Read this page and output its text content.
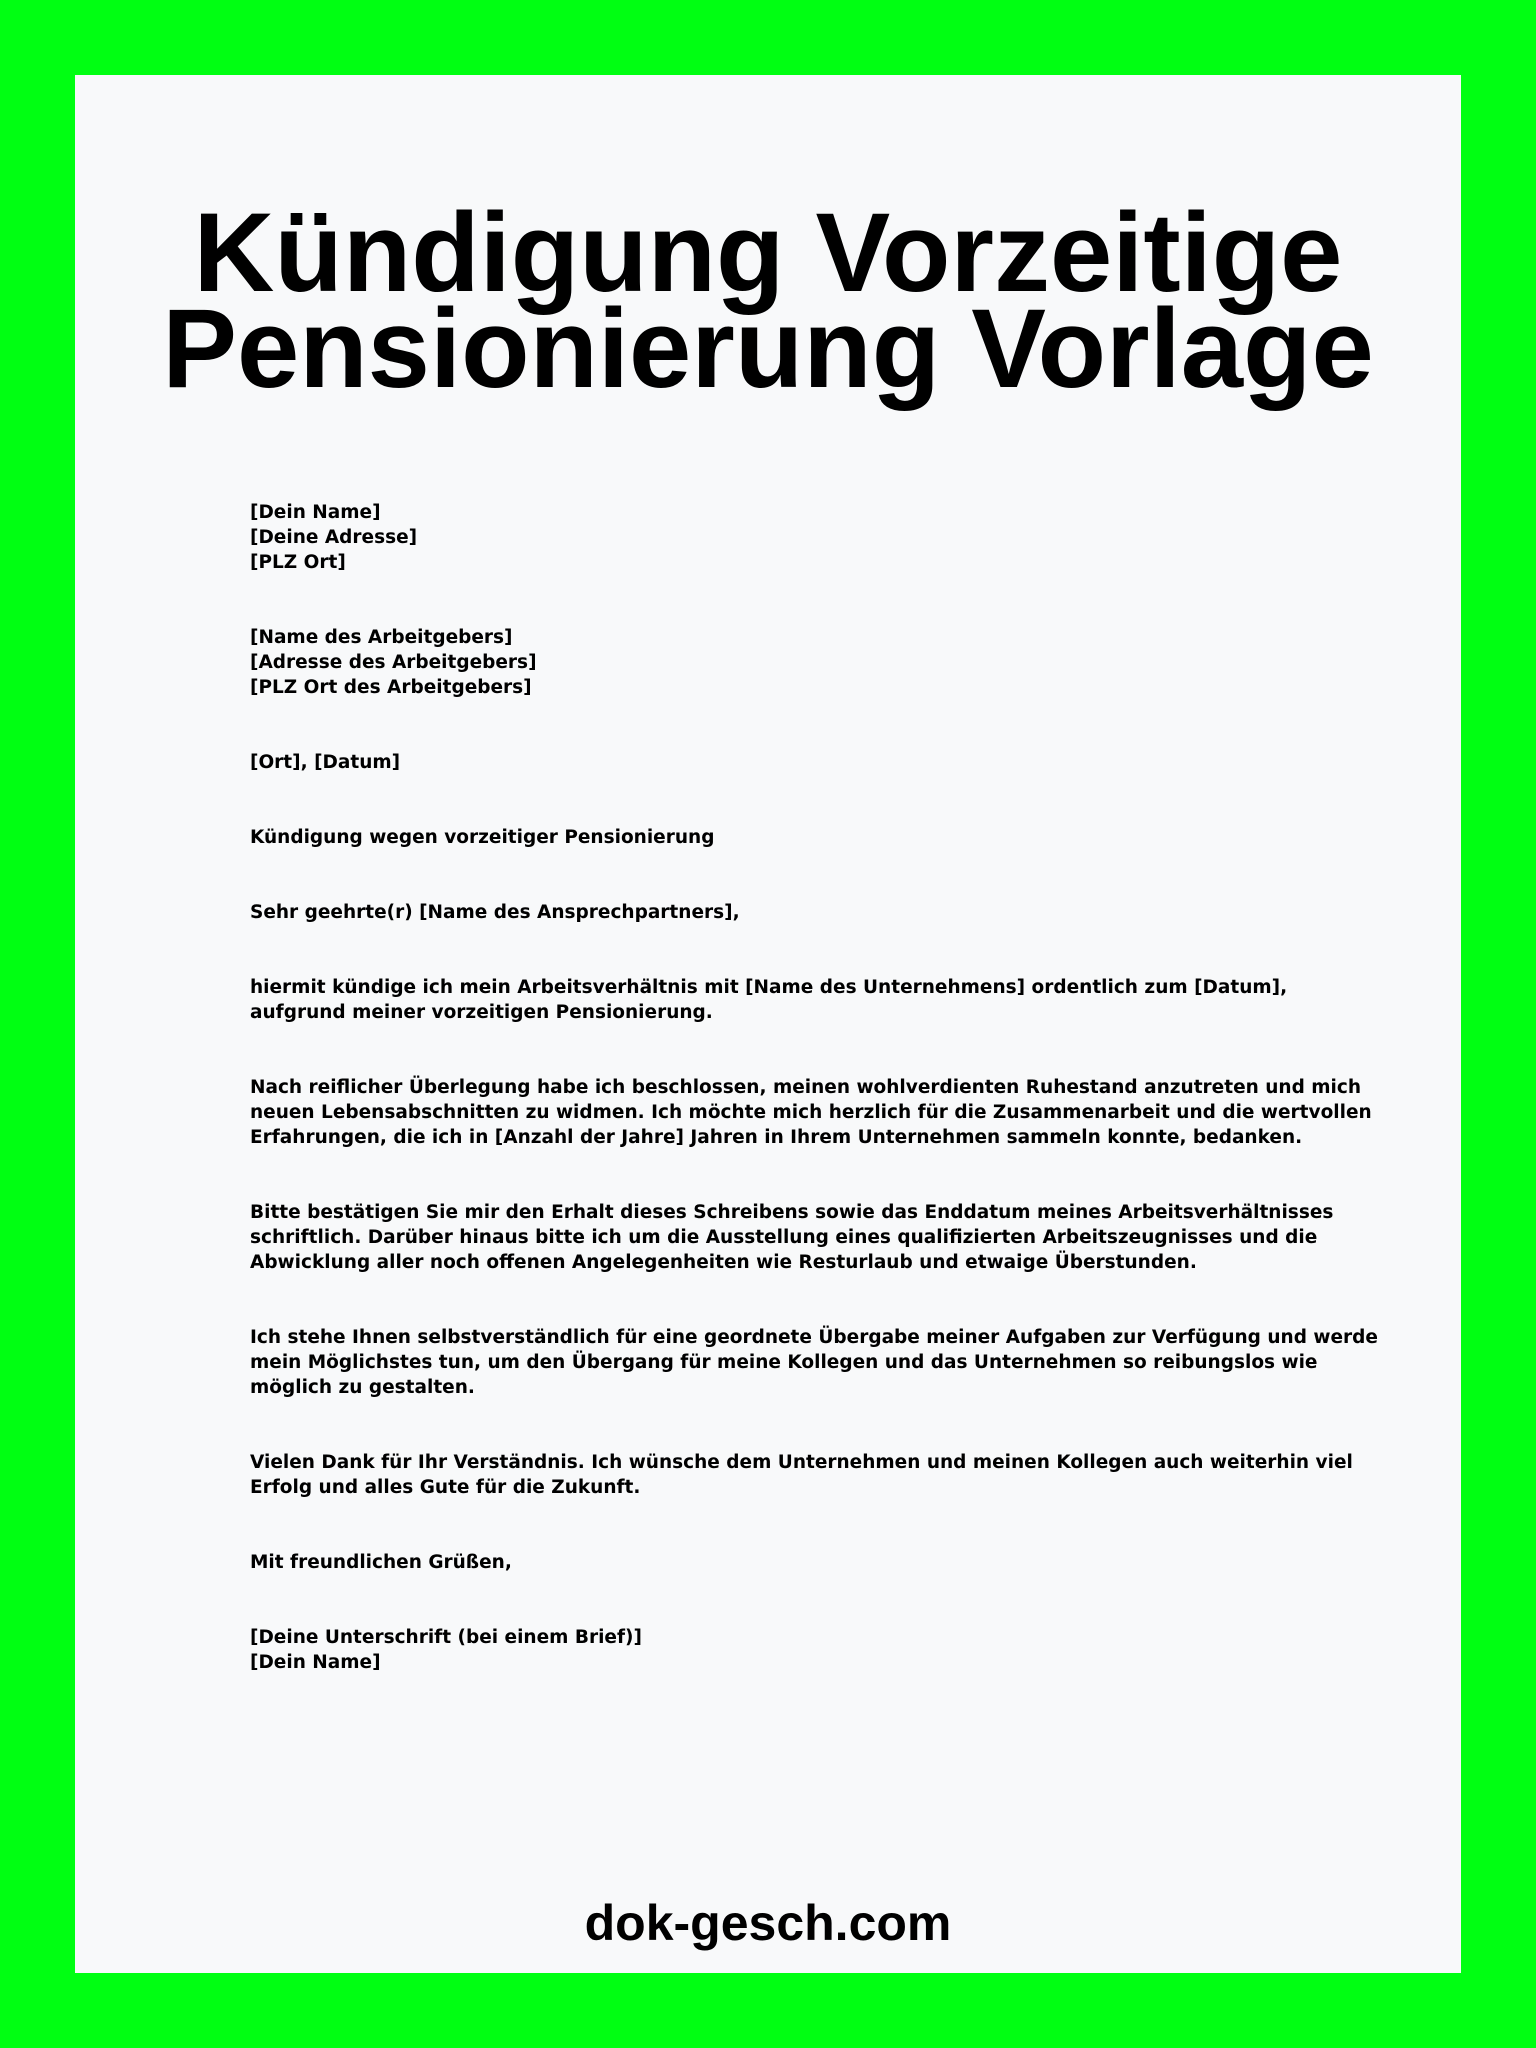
Kündigung Vorzeitige Pensionierung Vorlage
[Dein Name]
[Deine Adresse]
[PLZ Ort]
[Name des Arbeitgebers]
[Adresse des Arbeitgebers]
[PLZ Ort des Arbeitgebers]
[Ort], [Datum]
Kündigung wegen vorzeitiger Pensionierung
Sehr geehrte(r) [Name des Ansprechpartners],
hiermit kündige ich mein Arbeitsverhältnis mit [Name des Unternehmens] ordentlich zum [Datum],
aufgrund meiner vorzeitigen Pensionierung.
Nach reiflicher Überlegung habe ich beschlossen, meinen wohlverdienten Ruhestand anzutreten und mich
neuen Lebensabschnitten zu widmen. Ich möchte mich herzlich für die Zusammenarbeit und die wertvollen
Erfahrungen, die ich in [Anzahl der Jahre] Jahren in Ihrem Unternehmen sammeln konnte, bedanken.
Bitte bestätigen Sie mir den Erhalt dieses Schreibens sowie das Enddatum meines Arbeitsverhältnisses
schriftlich. Darüber hinaus bitte ich um die Ausstellung eines qualifizierten Arbeitszeugnisses und die
Abwicklung aller noch offenen Angelegenheiten wie Resturlaub und etwaige Überstunden.
Ich stehe Ihnen selbstverständlich für eine geordnete Übergabe meiner Aufgaben zur Verfügung und werde
mein Möglichstes tun, um den Übergang für meine Kollegen und das Unternehmen so reibungslos wie
möglich zu gestalten.
Vielen Dank für Ihr Verständnis. Ich wünsche dem Unternehmen und meinen Kollegen auch weiterhin viel
Erfolg und alles Gute für die Zukunft.
Mit freundlichen Grüßen,
[Deine Unterschrift (bei einem Brief)]
[Dein Name]
dok-gesch.com
